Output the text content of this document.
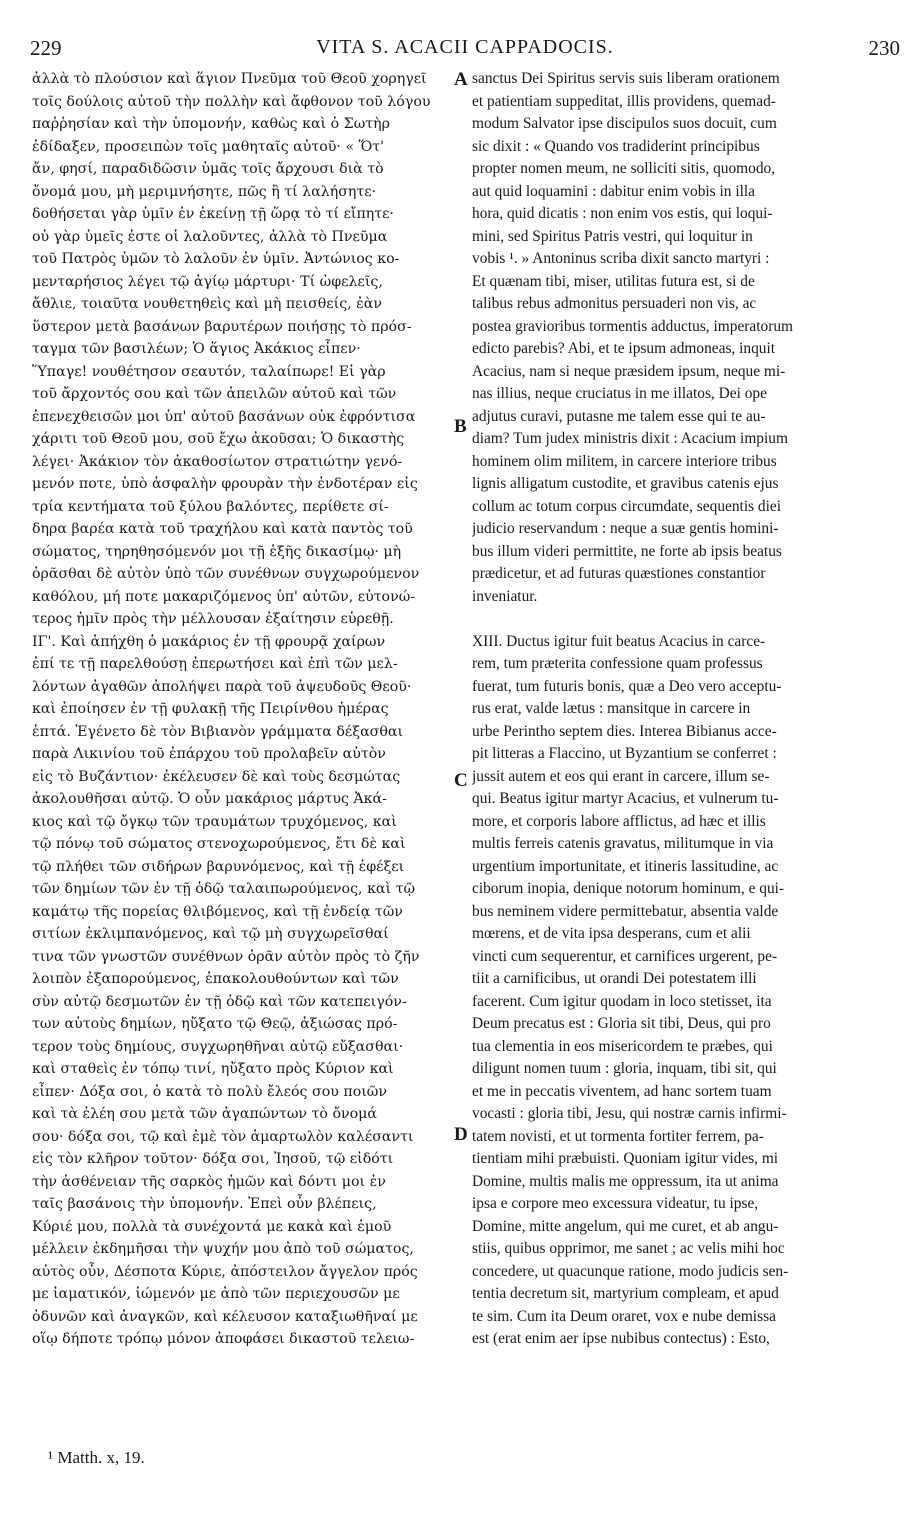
229	VITA S. ACACII CAPPADOCIS.	230
ἀλλὰ τὸ πλούσιον καὶ ἅγιον Πνεῦμα τοῦ Θεοῦ χορηγεῖ
τοῖς δούλοις αὐτοῦ τὴν πολλὴν καὶ ἄφθονον τοῦ λόγου
παῤῥησίαν καὶ τὴν ὑπομονήν, καθὼς καὶ ὁ Σωτὴρ
ἐδίδαξεν, προσειπὼν τοῖς μαθηταῖς αὐτοῦ· « Ὅτ'
ἄν, φησί, παραδιδῶσιν ὑμᾶς τοῖς ἄρχουσι διὰ τὸ
ὄνομά μου, μὴ μεριμνήσητε, πῶς ἢ τί λαλήσητε·
δοθήσεται γὰρ ὑμῖν ἐν ἐκείνῃ τῇ ὥρᾳ τὸ τί εἴπητε·
οὐ γὰρ ὑμεῖς ἐστε οἱ λαλοῦντες, ἀλλὰ τὸ Πνεῦμα
τοῦ Πατρὸς ὑμῶν τὸ λαλοῦν ἐν ὑμῖν. Ἀντώνιος κο-
μενταρήσιος λέγει τῷ ἁγίῳ μάρτυρι· Τί ὠφελεῖς,
ἄθλιε, τοιαῦτα νουθετηθεὶς καὶ μὴ πεισθείς, ἐὰν
ὕστερον μετὰ βασάνων βαρυτέρων ποιήσῃς τὸ πρόσ-
ταγμα τῶν βασιλέων; Ὁ ἅγιος Ἀκάκιος εἶπεν·
Ὕπαγε! νουθέτησον σεαυτόν, ταλαίπωρε! Εἰ γὰρ
τοῦ ἄρχοντός σου καὶ τῶν ἀπειλῶν αὐτοῦ καὶ τῶν
ἐπενεχθεισῶν μοι ὑπ' αὐτοῦ βασάνων οὐκ ἐφρόντισα
χάριτι τοῦ Θεοῦ μου, σοῦ ἔχω ἀκοῦσαι; Ὁ δικαστὴς
λέγει· Ἀκάκιον τὸν ἀκαθοσίωτον στρατιώτην γενό-
μενόν ποτε, ὑπὸ ἀσφαλὴν φρουρὰν τὴν ἐνδοτέραν εἰς
τρία κεντήματα τοῦ ξύλου βαλόντες, περίθετε σί-
δηρα βαρέα κατὰ τοῦ τραχήλου καὶ κατὰ παντὸς τοῦ
σώματος, τηρηθησόμενόν μοι τῇ ἑξῆς δικασίμῳ· μὴ
ὁρᾶσθαι δὲ αὐτὸν ὑπὸ τῶν συνέθνων συγχωρούμενον
καθόλου, μή ποτε μακαριζόμενος ὑπ' αὐτῶν, εὐτονώ-
τερος ἡμῖν πρὸς τὴν μέλλουσαν ἐξαίτησιν εὑρεθῇ.
ΙΓ'. Καὶ ἀπήχθη ὁ μακάριος ἐν τῇ φρουρᾷ χαίρων
ἐπί τε τῇ παρελθούσῃ ἐπερωτήσει καὶ ἐπὶ τῶν μελ-
λόντων ἀγαθῶν ἀπολήψει παρὰ τοῦ ἀψευδοῦς Θεοῦ·
καὶ ἐποίησεν ἐν τῇ φυλακῇ τῆς Πειρίνθου ἡμέρας
ἑπτά. Ἐγένετο δὲ τὸν Βιβιανὸν γράμματα δέξασθαι
παρὰ Λικινίου τοῦ ἐπάρχου τοῦ προλαβεῖν αὐτὸν
εἰς τὸ Βυζάντιον· ἐκέλευσεν δὲ καὶ τοὺς δεσμώτας
ἀκολουθῆσαι αὐτῷ. Ὁ οὖν μακάριος μάρτυς Ἀκά-
κιος καὶ τῷ ὄγκῳ τῶν τραυμάτων τρυχόμενος, καὶ
τῷ πόνῳ τοῦ σώματος στενοχωρούμενος, ἔτι δὲ καὶ
τῷ πλήθει τῶν σιδήρων βαρυνόμενος, καὶ τῇ ἐφέξει
τῶν δημίων τῶν ἐν τῇ ὁδῷ ταλαιπωρούμενος, καὶ τῷ
καμάτῳ τῆς πορείας θλιβόμενος, καὶ τῇ ἐνδείᾳ τῶν
σιτίων ἐκλιμπανόμενος, καὶ τῷ μὴ συγχωρεῖσθαί
τινα τῶν γνωστῶν συνέθνων ὁρᾶν αὐτὸν πρὸς τὸ ζῆν
λοιπὸν ἐξαπορούμενος, ἐπακολουθούντων καὶ τῶν
σὺν αὐτῷ δεσμωτῶν ἐν τῇ ὁδῷ καὶ τῶν κατεπειγόν-
των αὐτοὺς δημίων, ηὔξατο τῷ Θεῷ, ἀξιώσας πρό-
τερον τοὺς δημίους, συγχωρηθῆναι αὐτῷ εὔξασθαι·
καὶ σταθεὶς ἐν τόπῳ τινί, ηὔξατο πρὸς Κύριον καὶ
εἶπεν· Δόξα σοι, ὁ κατὰ τὸ πολὺ ἔλεός σου ποιῶν
καὶ τὰ ἐλέη σου μετὰ τῶν ἀγαπώντων τὸ ὄνομά
σου· δόξα σοι, τῷ καὶ ἐμὲ τὸν ἁμαρτωλὸν καλέσαντι
εἰς τὸν κλῆρον τοῦτον· δόξα σοι, Ἰησοῦ, τῷ εἰδότι
τὴν ἀσθένειαν τῆς σαρκὸς ἡμῶν καὶ δόντι μοι ἐν
ταῖς βασάνοις τὴν ὑπομονήν. Ἐπεὶ οὖν βλέπεις,
Κύριέ μου, πολλὰ τὰ συνέχοντά με κακὰ καὶ ἐμοῦ
μέλλειν ἐκδημῆσαι τὴν ψυχήν μου ἀπὸ τοῦ σώματος,
αὐτὸς οὖν, Δέσποτα Κύριε, ἀπόστειλον ἄγγελον πρός
με ἰαματικόν, ἰώμενόν με ἀπὸ τῶν περιεχουσῶν με
ὀδυνῶν καὶ ἀναγκῶν, καὶ κέλευσον καταξιωθῆναί με
οἵῳ δήποτε τρόπῳ μόνον ἀποφάσει δικαστοῦ τελειω-
sanctus Dei Spiritus servis suis liberam orationem
et patientiam suppeditat, illis providens, quemad-
modum Salvator ipse discipulos suos docuit, cum
sic dixit : « Quando vos tradiderint principibus
propter nomen meum, ne solliciti sitis, quomodo,
aut quid loquamini : dabitur enim vobis in illa
hora, quid dicatis : non enim vos estis, qui loqui-
mini, sed Spiritus Patris vestri, qui loquitur in
vobis ¹. » Antoninus scriba dixit sancto martyri :
Et quænam tibi, miser, utilitas futura est, si de
talibus rebus admonitus persuaderi non vis, ac
postea gravioribus tormentis adductus, imperatorum
edicto parebis? Abi, et te ipsum admoneas, inquit
Acacius, nam si neque præsidem ipsum, neque mi-
nas illius, neque cruciatus in me illatos, Dei ope
adjutus curavi, putasne me talem esse qui te au-
diam? Tum judex ministris dixit : Acacium impium
hominem olim militem, in carcere interiore tribus
lignis alligatum custodite, et gravibus catenis ejus
collum ac totum corpus circumdate, sequentis diei
judicio reservandum : neque a suæ gentis homini-
bus illum videri permittite, ne forte ab ipsis beatus
prædicetur, et ad futuras quæstiones constantior
inveniatur.
XIII. Ductus igitur fuit beatus Acacius in carce-
rem, tum præterita confessione quam professus
fuerat, tum futuris bonis, quæ a Deo vero acceptu-
rus erat, valde lætus : mansitque in carcere in
urbe Perintho septem dies. Interea Bibianus acce-
pit litteras a Flaccino, ut Byzantium se conferret :
jussit autem et eos qui erant in carcere, illum se-
qui. Beatus igitur martyr Acacius, et vulnerum tu-
more, et corporis labore afflictus, ad hæc et illis
multis ferreis catenis gravatus, militumque in via
urgentium importunitate, et itineris lassitudine, ac
ciborum inopia, denique notorum hominum, e qui-
bus neminem videre permittebatur, absentia valde
mœrens, et de vita ipsa desperans, cum et alii
vincti cum sequerentur, et carnifices urgerent, pe-
tiit a carnificibus, ut orandi Dei potestatem illi
facerent. Cum igitur quodam in loco stetisset, ita
Deum precatus est : Gloria sit tibi, Deus, qui pro
tua clementia in eos misericordem te præbes, qui
diligunt nomen tuum : gloria, inquam, tibi sit, qui
et me in peccatis viventem, ad hanc sortem tuam
vocasti : gloria tibi, Jesu, qui nostræ carnis infirmi-
tatem novisti, et ut tormenta fortiter ferrem, pa-
tientiam mihi præbuisti. Quoniam igitur vides, mi
Domine, multis malis me oppressum, ita ut anima
ipsa e corpore meo excessura videatur, tu ipse,
Domine, mitte angelum, qui me curet, et ab angu-
stiis, quibus opprimor, me sanet ; ac velis mihi hoc
concedere, ut quacunque ratione, modo judicis sen-
tentia decretum sit, martyrium compleam, et apud
te sim. Cum ita Deum oraret, vox e nube demissa
est (erat enim aer ipse nubibus contectus) : Esto,
A
B
C
D
¹ Matth. x, 19.
